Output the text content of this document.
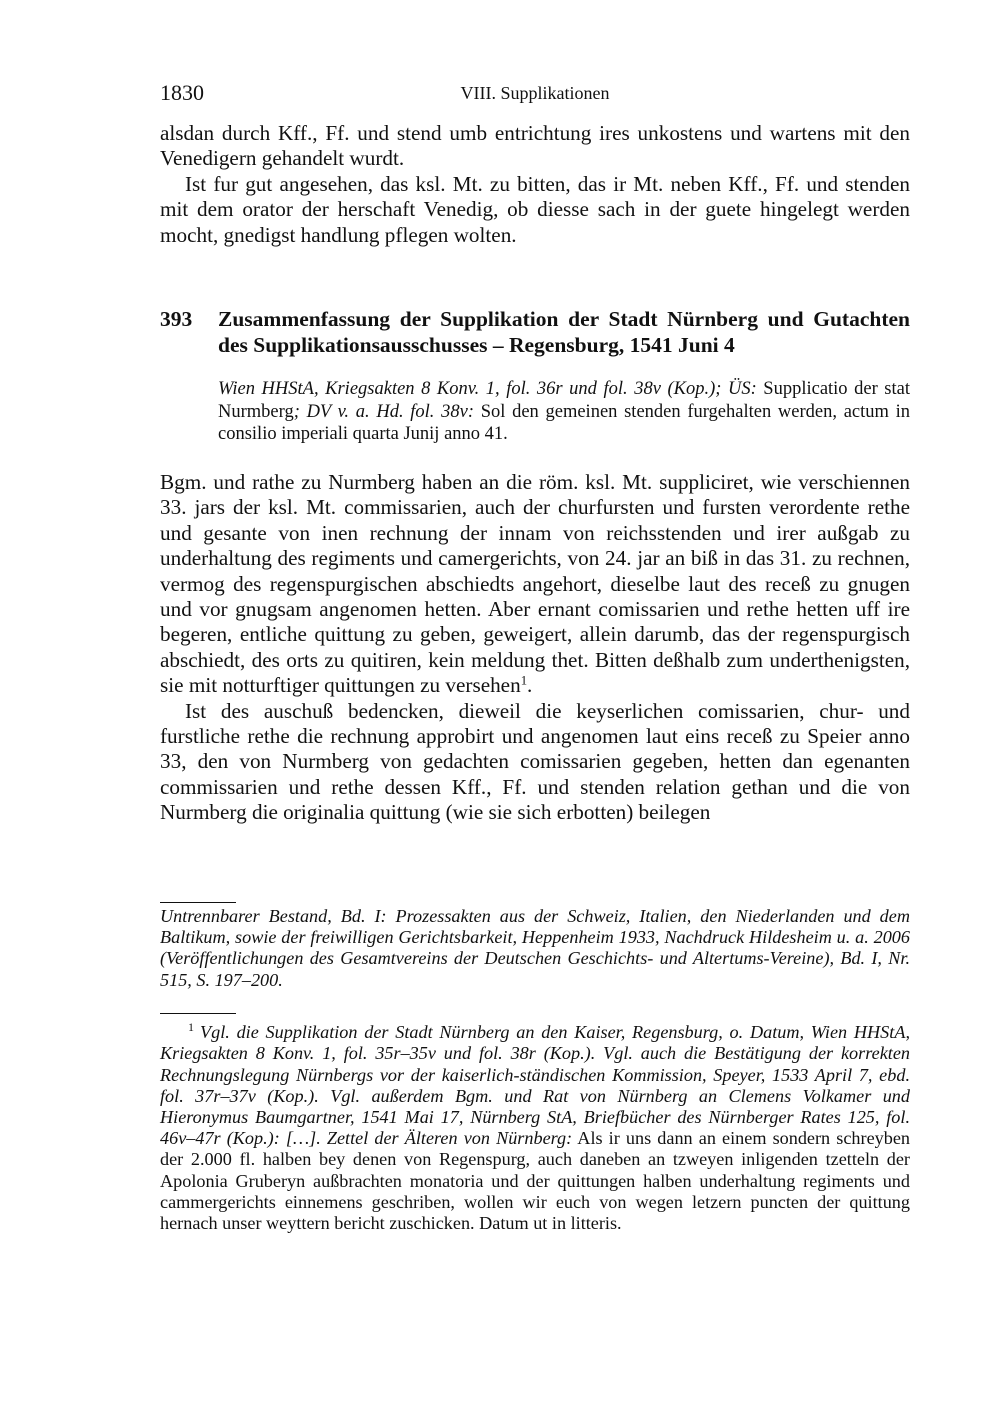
1830	VIII. Supplikationen

alsdan durch Kff., Ff. und stend umb entrichtung ires unkostens und wartens mit den Venedigern gehandelt wurdt.

Ist fur gut angesehen, das ksl. Mt. zu bitten, das ir Mt. neben Kff., Ff. und stenden mit dem orator der herschaft Venedig, ob diesse sach in der guete hingelegt werden mocht, gnedigst handlung pflegen wolten.

393 Zusammenfassung der Supplikation der Stadt Nürnberg und Gutachten des Supplikationsausschusses – Regensburg, 1541 Juni 4
Wien HHStA, Kriegsakten 8 Konv. 1, fol. 36r und fol. 38v (Kop.); ÜS: Supplicatio der stat Nurmberg; DV v. a. Hd. fol. 38v: Sol den gemeinen stenden furgehalten werden, actum in consilio imperiali quarta Junij anno 41.

Bgm. und rathe zu Nurmberg haben an die röm. ksl. Mt. suppliciret, wie verschiennen 33. jars der ksl. Mt. commissarien, auch der churfursten und fursten verordente rethe und gesante von inen rechnung der innam von reichsstenden und irer außgab zu underhaltung des regiments und camergerichts, von 24. jar an biß in das 31. zu rechnen, vermog des regenspurgischen abschiedts angehort, dieselbe laut des receß zu gnugen und vor gnugsam angenomen hetten. Aber ernant comissarien und rethe hetten uff ire begeren, entliche quittung zu geben, geweigert, allein darumb, das der regenspurgisch abschiedt, des orts zu quitiren, kein meldung thet. Bitten deßhalb zum underthenigsten, sie mit notturftiger quittungen zu versehen$^1$.

Ist des auschuß bedencken, dieweil die keyserlichen comissarien, chur- und furstliche rethe die rechnung approbirt und angenomen laut eins receß zu Speier anno 33, den von Nurmberg von gedachten comissarien gegeben, hetten dan egenanten commissarien und rethe dessen Kff., Ff. und stenden relation gethan und die von Nurmberg die originalia quittung (wie sie sich erbotten) beilegen

Untrennbarer Bestand, Bd. I: Prozessakten aus der Schweiz, Italien, den Niederlanden und dem Baltikum, sowie der freiwilligen Gerichtsbarkeit, Heppenheim 1933, Nachdruck Hildesheim u. a. 2006 (Veröffentlichungen des Gesamtvereins der Deutschen Geschichts- und Altertums-Vereine), Bd. I, Nr. 515, S. 197–200.

$^1$ Vgl. die Supplikation der Stadt Nürnberg an den Kaiser, Regensburg, o. Datum, Wien HHStA, Kriegsakten 8 Konv. 1, fol. 35r–35v und fol. 38r (Kop.). Vgl. auch die Bestätigung der korrekten Rechnungslegung Nürnbergs vor der kaiserlich-ständischen Kommission, Speyer, 1533 April 7, ebd. fol. 37r–37v (Kop.). Vgl. außerdem Bgm. und Rat von Nürnberg an Clemens Volkamer und Hieronymus Baumgartner, 1541 Mai 17, Nürnberg StA, Briefbücher des Nürnberger Rates 125, fol. 46v–47r (Kop.): […]. Zettel der Älteren von Nürnberg: Als ir uns dann an einem sondern schreyben der 2.000 fl. halben bey denen von Regenspurg, auch daneben an tzweyen inligenden tzetteln der Apolonia Gruberyn außbrachten monatoria und der quittungen halben underhaltung regiments und cammergerichts einnemens geschriben, wollen wir euch von wegen letzern puncten der quittung hernach unser weyttern bericht zuschicken. Datum ut in litteris.
